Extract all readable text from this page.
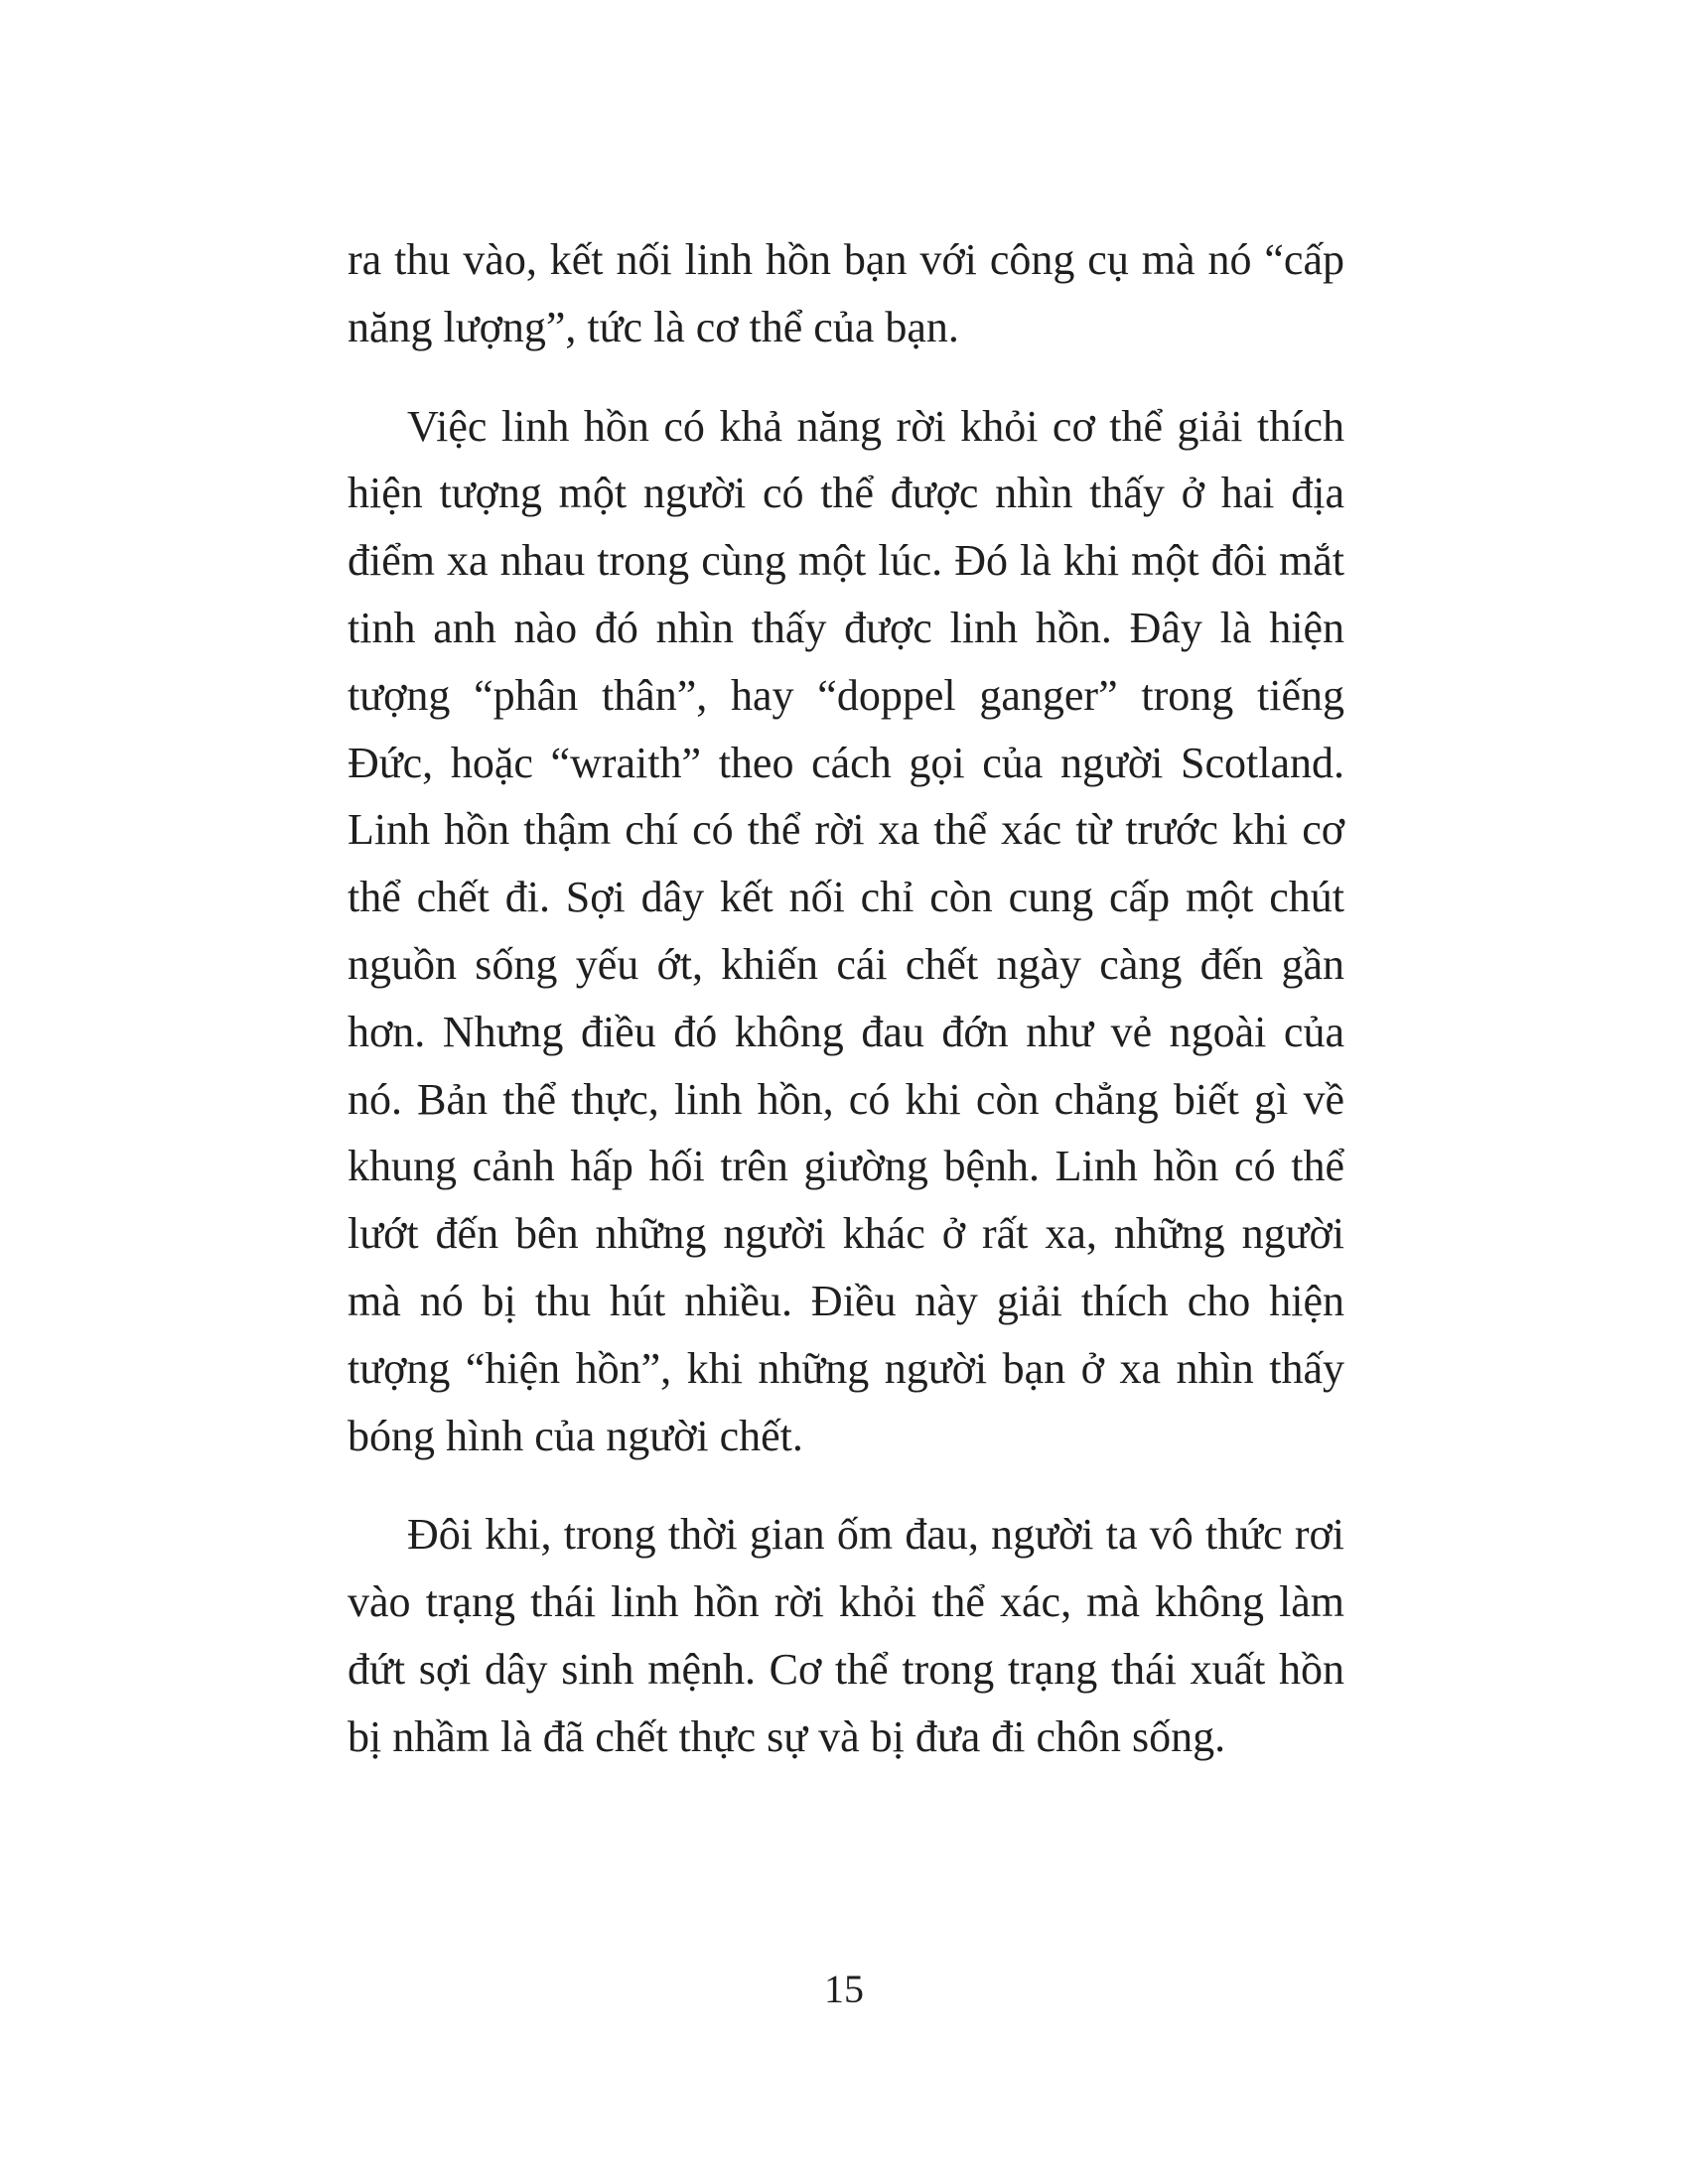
ra thu vào, kết nối linh hồn bạn với công cụ mà nó “cấp năng lượng”, tức là cơ thể của bạn.

Việc linh hồn có khả năng rời khỏi cơ thể giải thích hiện tượng một người có thể được nhìn thấy ở hai địa điểm xa nhau trong cùng một lúc. Đó là khi một đôi mắt tinh anh nào đó nhìn thấy được linh hồn. Đây là hiện tượng “phân thân”, hay “doppel ganger” trong tiếng Đức, hoặc “wraith” theo cách gọi của người Scotland. Linh hồn thậm chí có thể rời xa thể xác từ trước khi cơ thể chết đi. Sợi dây kết nối chỉ còn cung cấp một chút nguồn sống yếu ớt, khiến cái chết ngày càng đến gần hơn. Nhưng điều đó không đau đớn như vẻ ngoài của nó. Bản thể thực, linh hồn, có khi còn chẳng biết gì về khung cảnh hấp hối trên giường bệnh. Linh hồn có thể lướt đến bên những người khác ở rất xa, những người mà nó bị thu hút nhiều. Điều này giải thích cho hiện tượng “hiện hồn”, khi những người bạn ở xa nhìn thấy bóng hình của người chết.

Đôi khi, trong thời gian ốm đau, người ta vô thức rơi vào trạng thái linh hồn rời khỏi thể xác, mà không làm đứt sợi dây sinh mệnh. Cơ thể trong trạng thái xuất hồn bị nhầm là đã chết thực sự và bị đưa đi chôn sống.

15
